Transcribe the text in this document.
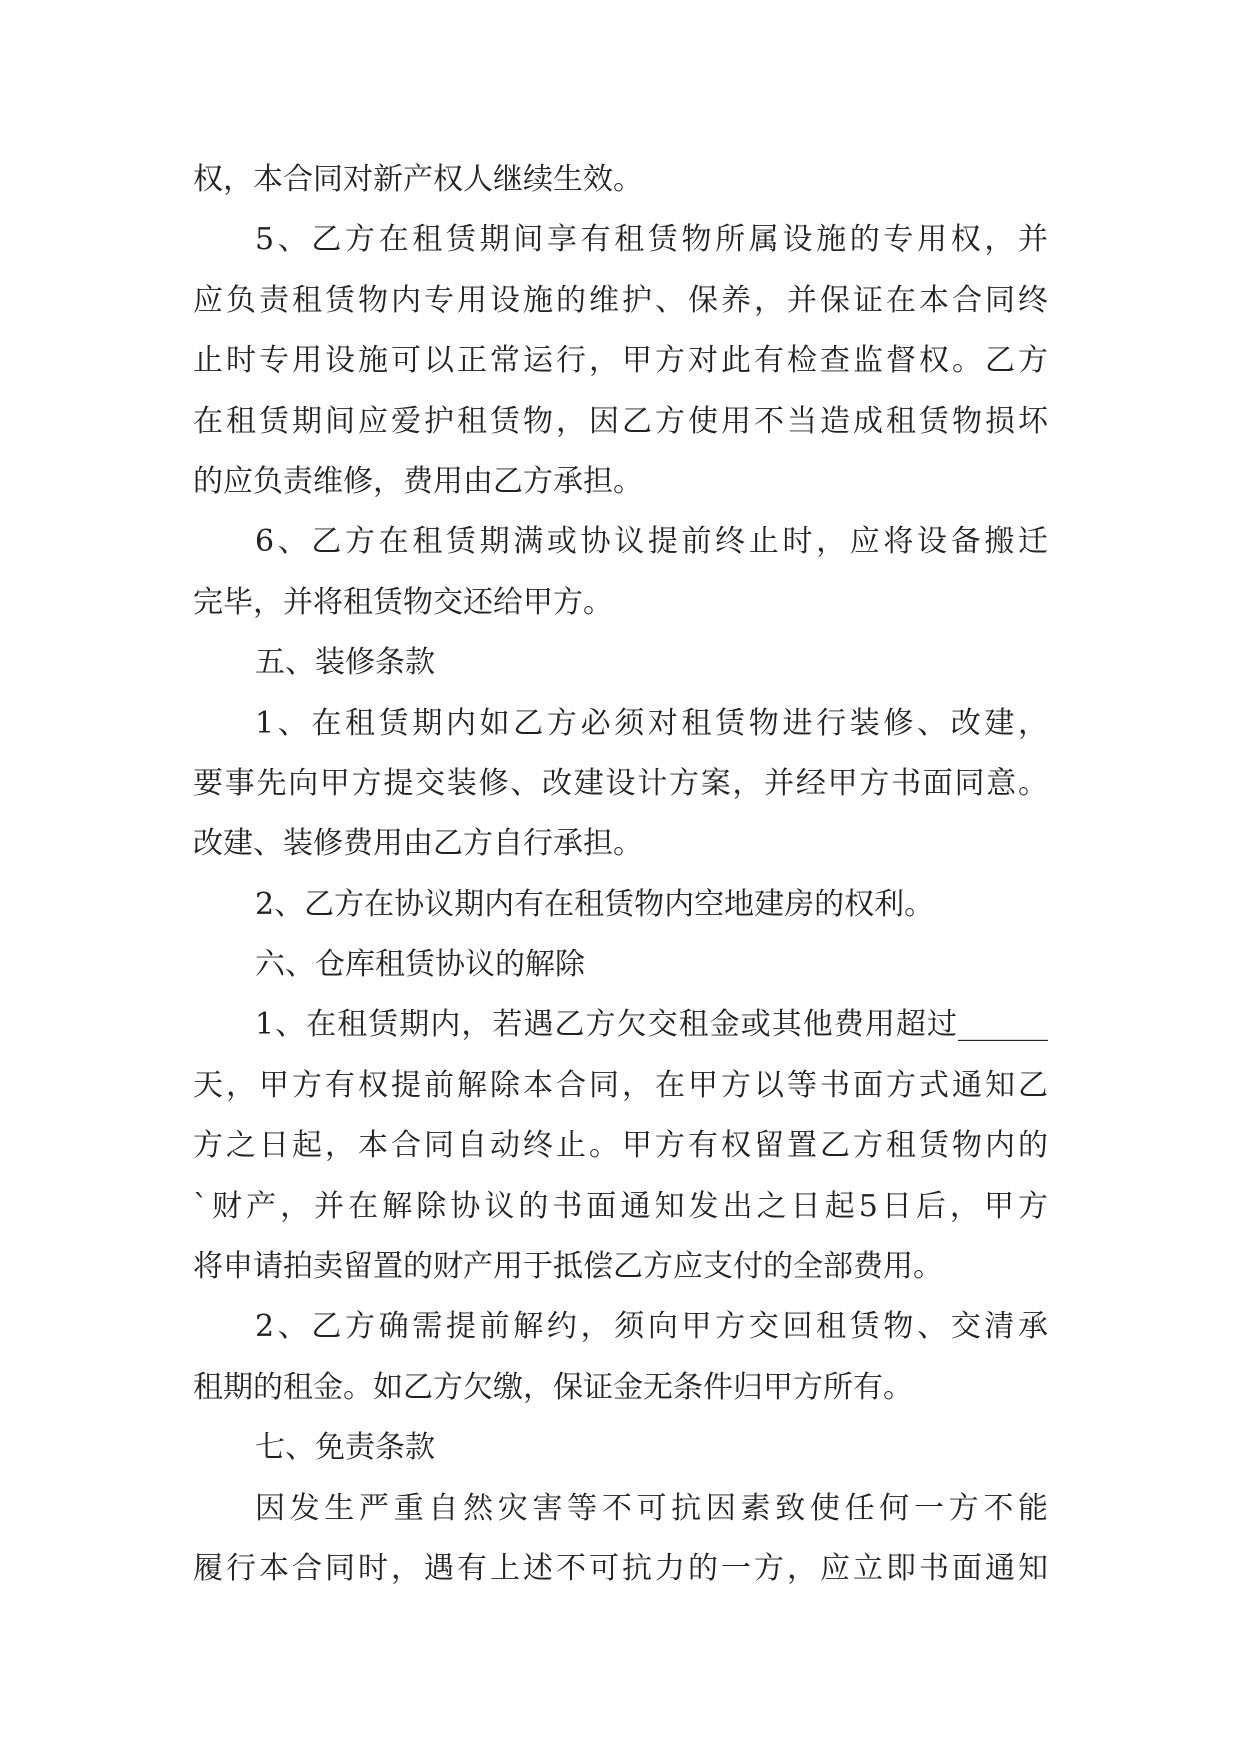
权，本合同对新产权人继续生效。
5、乙方在租赁期间享有租赁物所属设施的专用权，并
应负责租赁物内专用设施的维护、保养，并保证在本合同终
止时专用设施可以正常运行，甲方对此有检查监督权。乙方
在租赁期间应爱护租赁物，因乙方使用不当造成租赁物损坏
的应负责维修，费用由乙方承担。
6、乙方在租赁期满或协议提前终止时，应将设备搬迁
完毕，并将租赁物交还给甲方。
五、装修条款
1、在租赁期内如乙方必须对租赁物进行装修、改建，
要事先向甲方提交装修、改建设计方案，并经甲方书面同意。
改建、装修费用由乙方自行承担。
2、乙方在协议期内有在租赁物内空地建房的权利。
六、仓库租赁协议的解除
1、在租赁期内，若遇乙方欠交租金或其他费用超过______
天，甲方有权提前解除本合同，在甲方以等书面方式通知乙
方之日起，本合同自动终止。甲方有权留置乙方租赁物内的
`财产，并在解除协议的书面通知发出之日起5日后，甲方
将申请拍卖留置的财产用于抵偿乙方应支付的全部费用。
2、乙方确需提前解约，须向甲方交回租赁物、交清承
租期的租金。如乙方欠缴，保证金无条件归甲方所有。
七、免责条款
因发生严重自然灾害等不可抗因素致使任何一方不能
履行本合同时，遇有上述不可抗力的一方，应立即书面通知
